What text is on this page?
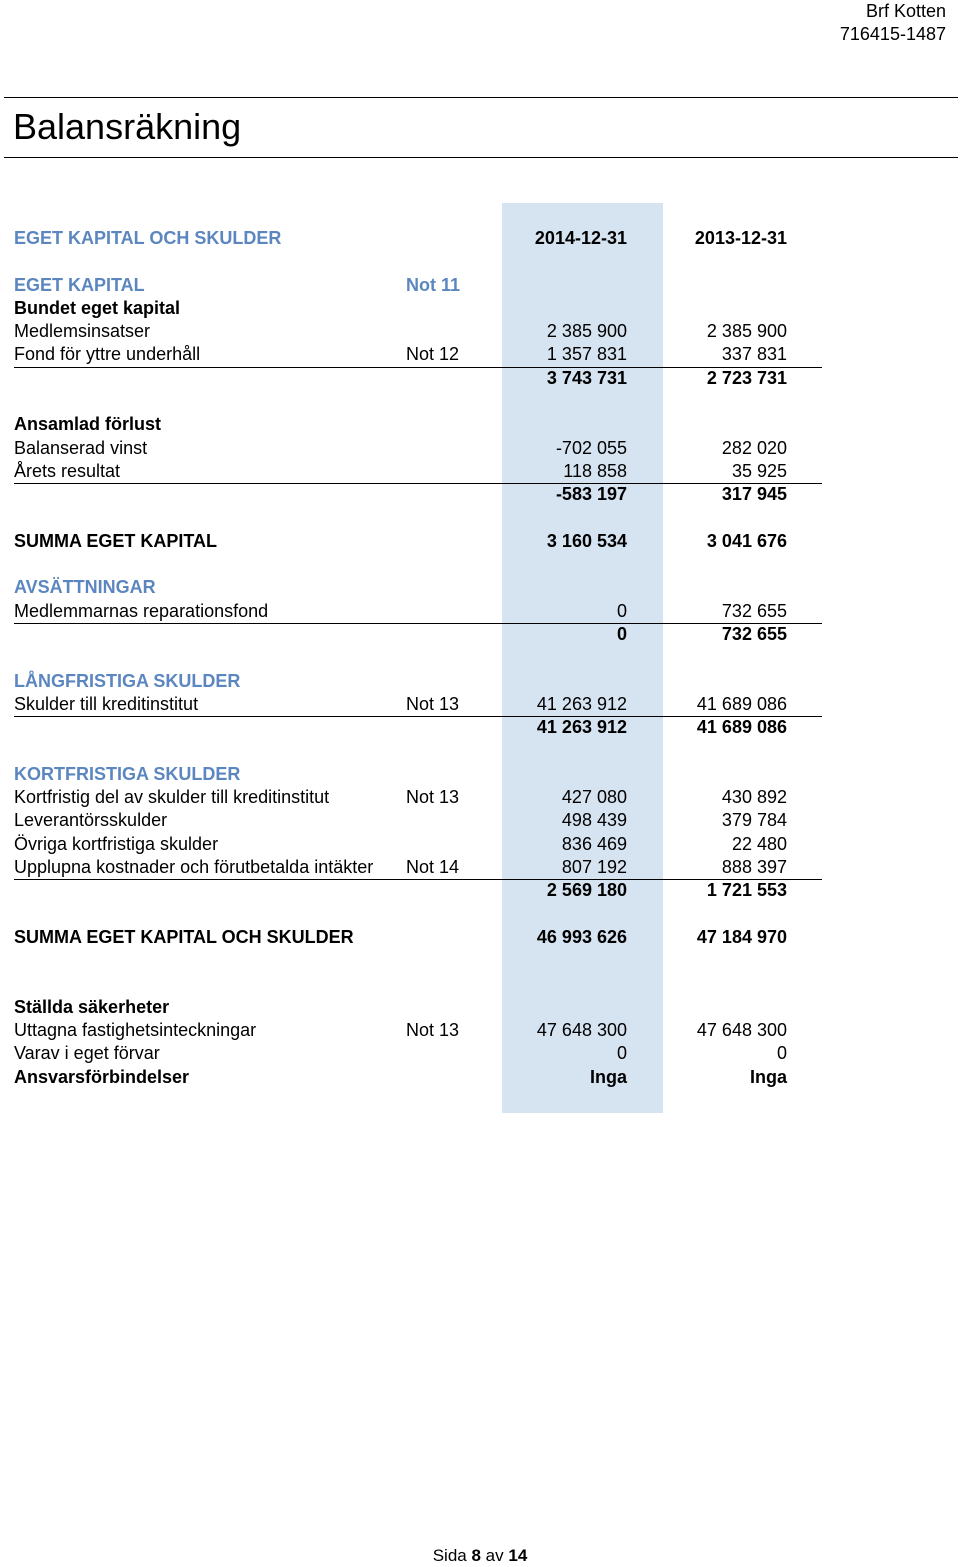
Brf Kotten
716415-1487
Balansräkning
EGET KAPITAL OCH SKULDER	2014-12-31	2013-12-31
EGET KAPITAL	Not 11
Bundet eget kapital
Medlemsinsatser	2 385 900	2 385 900
Fond för yttre underhåll	Not 12	1 357 831	337 831
3 743 731	2 723 731
Ansamlad förlust
Balanserad vinst	-702 055	282 020
Årets resultat	118 858	35 925
-583 197	317 945
SUMMA EGET KAPITAL	3 160 534	3 041 676
AVSÄTTNINGAR
Medlemmarnas reparationsfond	0	732 655
0	732 655
LÅNGFRISTIGA SKULDER
Skulder till kreditinstitut	Not 13	41 263 912	41 689 086
41 263 912	41 689 086
KORTFRISTIGA SKULDER
Kortfristig del av skulder till kreditinstitut	Not 13	427 080	430 892
Leverantörsskulder	498 439	379 784
Övriga kortfristiga skulder	836 469	22 480
Upplupna kostnader och förutbetalda intäkter Not 14	807 192	888 397
2 569 180	1 721 553
SUMMA EGET KAPITAL OCH SKULDER	46 993 626	47 184 970
Ställda säkerheter
Uttagna fastighetsinteckningar	Not 13	47 648 300	47 648 300
Varav i eget förvar	0	0
Ansvarsförbindelser	Inga	Inga
Sida 8 av 14
